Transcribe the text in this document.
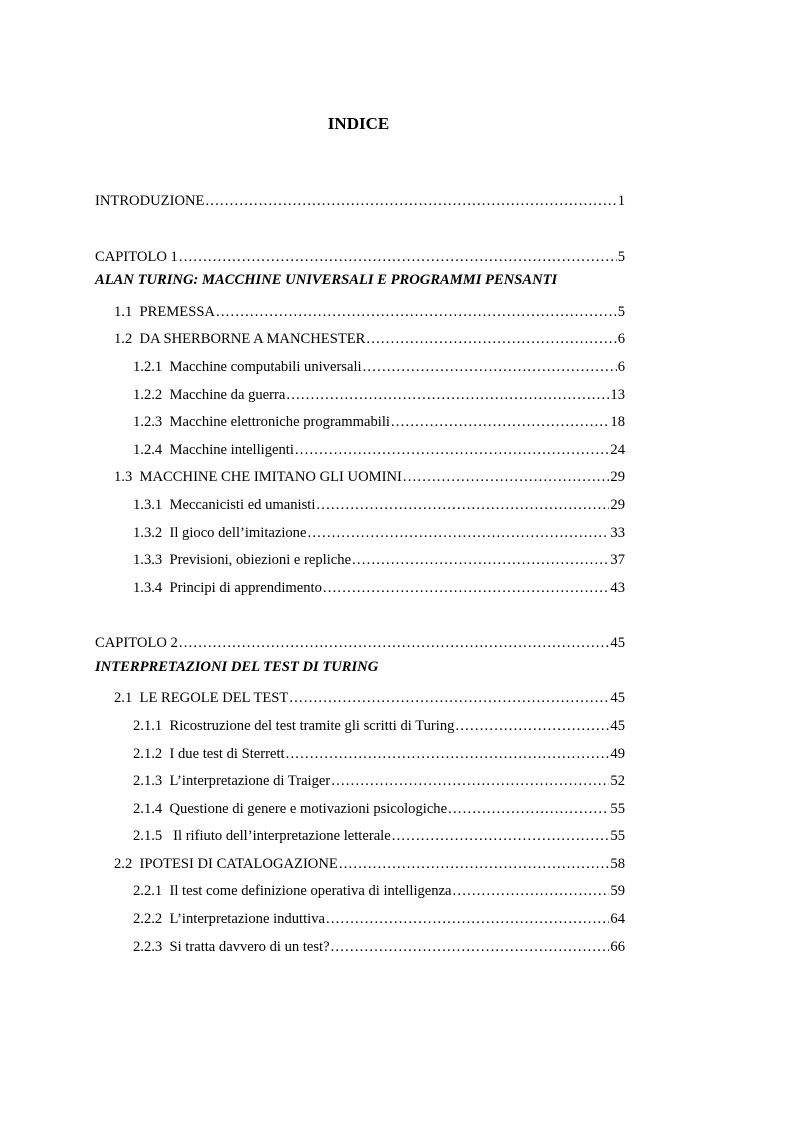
INDICE
INTRODUZIONE .....	1
CAPITOLO 1 .....	5
ALAN TURING: MACCHINE UNIVERSALI E PROGRAMMI PENSANTI
1.1 PREMESSA .....	5
1.2 DA SHERBORNE A MANCHESTER .....	6
1.2.1 Macchine computabili universali .....	6
1.2.2 Macchine da guerra .....	13
1.2.3 Macchine elettroniche programmabili .....	18
1.2.4 Macchine intelligenti .....	24
1.3 MACCHINE CHE IMITANO GLI UOMINI .....	29
1.3.1 Meccanicisti ed umanisti .....	29
1.3.2 Il gioco dell’imitazione .....	33
1.3.3 Previsioni, obiezioni e repliche .....	37
1.3.4 Principi di apprendimento .....	43
CAPITOLO 2 .....	45
INTERPRETAZIONI DEL TEST DI TURING
2.1 LE REGOLE DEL TEST .....	45
2.1.1 Ricostruzione del test tramite gli scritti di Turing .....	45
2.1.2 I due test di Sterrett .....	49
2.1.3 L’interpretazione di Traiger .....	52
2.1.4 Questione di genere e motivazioni psicologiche .....	55
2.1.5   Il rifiuto dell’interpretazione letterale .....	55
2.2 IPOTESI DI CATALOGAZIONE .....	58
2.2.1 Il test come definizione operativa di intelligenza .....	59
2.2.2 L’interpretazione induttiva .....	64
2.2.3 Si tratta davvero di un test? .....	66
